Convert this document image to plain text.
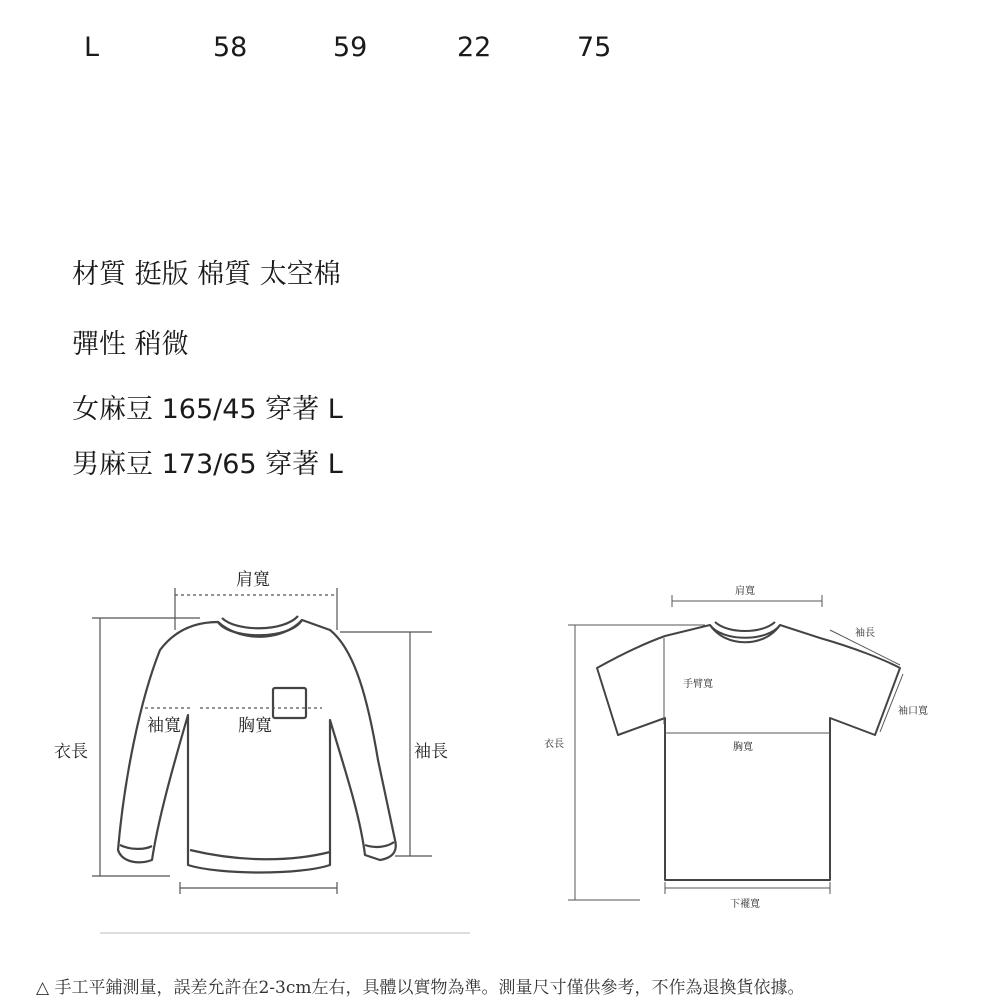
L	58	59	22	75
材質 挺版 棉質 太空棉
彈性 稍微
女麻豆 165/45 穿著 L
男麻豆 173/65 穿著 L
肩寬
袖寬	胸寬
衣長	袖長
肩寬
袖長
手臂寬
袖口寬
胸寬
衣長
下襬寬
△ 手工平鋪測量，誤差允許在2-3cm左右，具體以實物為準。測量尺寸僅供參考，不作為退換貨依據。
